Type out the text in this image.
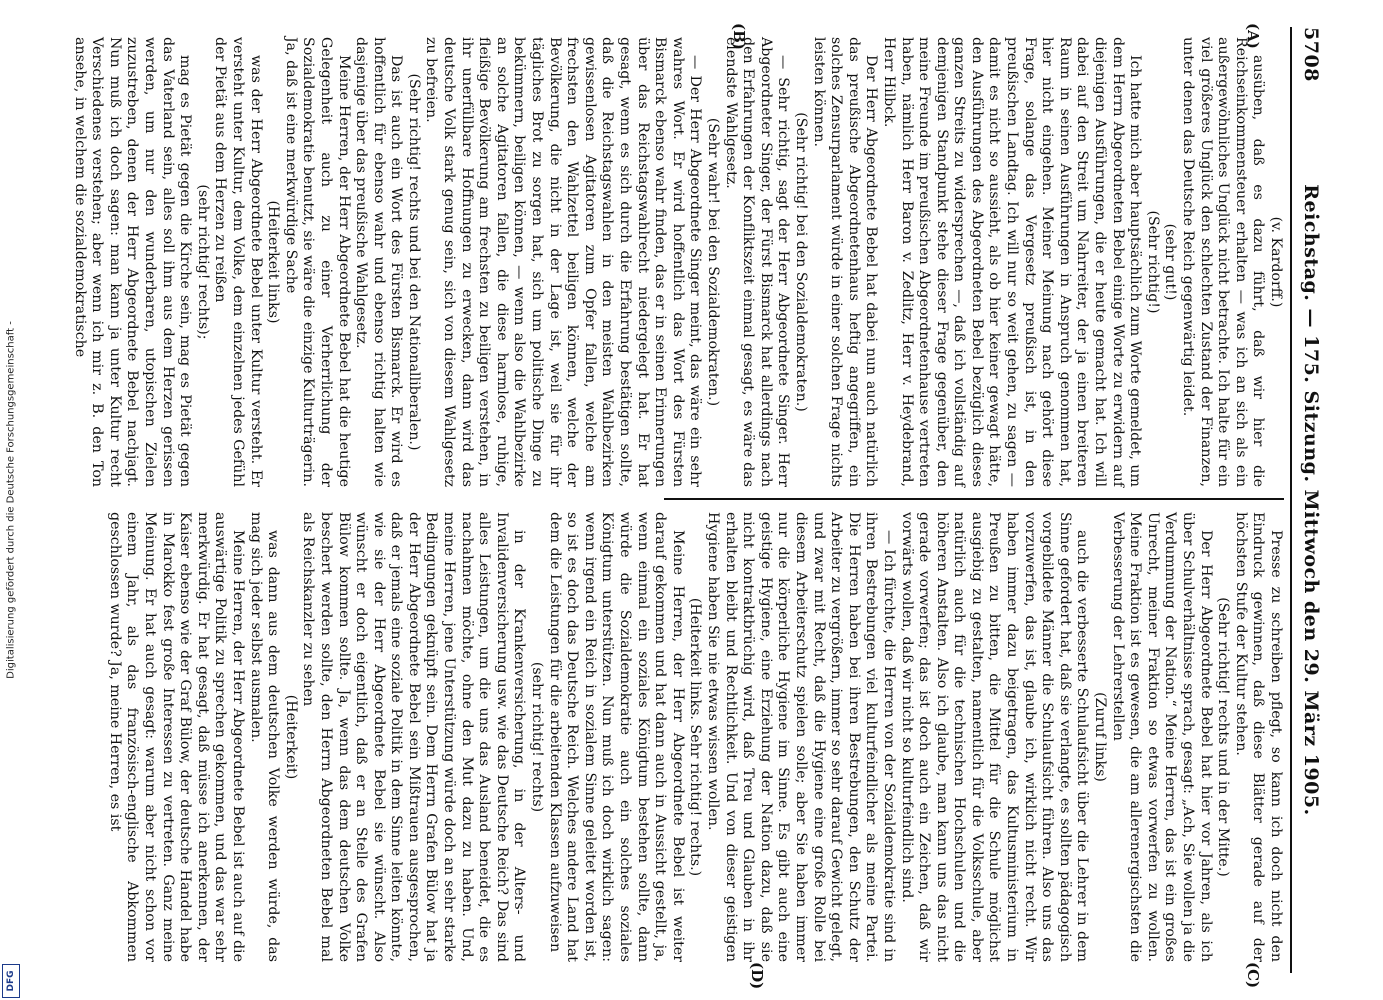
5708
Reichstag. — 175. Sitzung. Mittwoch den 29. März 1905.
(A)
(B)
(C)
(D)

(v. Kardorff.)

ausüben, daß es dazu führt, daß wir hier die Reichseinkommensteuer erhalten — was ich an sich als ein außergewöhnliches Unglück nicht betrachte. Ich halte für ein viel größeres Unglück den schlechten Zustand der Finanzen, unter denen das Deutsche Reich gegenwärtig leidet.

(sehr gut!)

(Sehr richtig!)

Ich hatte mich aber hauptsächlich zum Worte gemeldet, um dem Herrn Abgeordneten Bebel einige Worte zu erwidern auf diejenigen Ausführungen, die er heute gemacht hat. Ich will dabei auf den Streit um Nahrreiter, der ja einen breiteren Raum in seinen Ausführungen in Anspruch genommen hat, hier nicht eingehen. Meiner Meinung nach gehört diese Frage, solange das Vergesetz preußisch ist, in den preußischen Landtag. Ich will nur so weit gehen, zu sagen — damit es nicht so aussieht, als ob hier keiner gewagt hätte, den Ausführungen des Abgeordneten Bebel bezüglich dieses ganzen Streits zu widersprechen —, daß ich vollständig auf demjenigen Standpunkt stehe dieser Frage gegenüber, den meine Freunde im preußischen Abgeordnetenhause vertreten haben, nämlich Herr Baron v. Zedlitz, Herr v. Heydebrand, Herr Hilbck.

Der Herr Abgeordnete Bebel hat dabei nun auch natürlich das preußische Abgeordnetenhaus heftig angegriffen, ein solches Zensurparlament würde in einer solchen Frage nichts leisten können.

(Sehr richtig! bei den Sozialdemokraten.)

— Sehr richtig, sagt der Herr Abgeordnete Singer. Herr Abgeordneter Singer, der Fürst Bismarck hat allerdings nach den Erfahrungen der Konfliktszeit einmal gesagt, es wäre das elendste Wahlgesetz.

(Sehr wahr! bei den Sozialdemokraten.)

— Der Herr Abgeordnete Singer meint, das wäre ein sehr wahres Wort. Er wird hoffentlich das Wort des Fürsten Bismarck ebenso wahr finden, das er in seinen Erinnerungen über das Reichstagswahlrecht niedergelegt hat. Er hat gesagt, wenn es sich durch die Erfahrung bestätigen sollte, daß die Reichstagswahlen in den meisten Wahlbezirken gewissenlosen Agitatoren zum Opfer fallen, welche am frechsten den Wahlzettel beiligen können, welche der Bevölkerung, die nicht in der Lage ist, weil sie für ihr tägliches Brot zu sorgen hat, sich um politische Dinge zu bekümmern, beiligen können, — wenn also die Wahlbezirke an solche Agitatoren fallen, die diese harmlose, ruhige, fleißige Bevölkerung am frechsten zu beiligen verstehen, in ihr unerfüllbare Hoffnungen zu erwecken, dann wird das deutsche Volk stark genug sein, sich von diesem Wahlgesetz zu befreien.

(Sehr richtig! rechts und bei den Nationalliberalen.)

Das ist auch ein Wort des Fürsten Bismarck. Er wird es hoffentlich für ebenso wahr und ebenso richtig halten wie dasjenige über das preußische Wahlgesetz.

Meine Herren, der Herr Abgeordnete Bebel hat die heutige Gelegenheit auch zu einer Verherrlichung der Sozialdemokratie benutzt, sie wäre die einzige Kulturträgerin. Ja, daß ist eine merkwürdige Sache

(Heiterkeit links)

was der Herr Abgeordnete Bebel unter Kultur versteht. Er versteht unter Kultur, dem Volke, dem einzelnen jedes Gefühl der Pietät aus dem Herzen zu reißen

(sehr richtig! rechts);

mag es Pietät gegen die Kirche sein, mag es Pietät gegen das Vaterland sein, alles soll ihm aus dem Herzen gerissen werden, um nur den wunderbaren, utopischen Zielen zuzustreben, denen der Herr Abgeordnete Bebel nachjagt. Nun muß ich doch sagen: man kann ja unter Kultur recht Verschiedenes verstehen; aber wenn ich mir z. B. den Ton ansehe, in welchem die sozialdemokratische

Presse zu schreiben pflegt, so kann ich doch nicht den Eindruck gewinnen, daß diese Blätter gerade auf der höchsten Stufe der Kultur stehen.

(Sehr richtig! rechts und in der Mitte.)

Der Herr Abgeordnete Bebel hat hier vor Jahren, als ich über Schulverhältnisse sprach, gesagt: „Ach, Sie wollen ja die Verdummung der Nation.“ Meine Herren, das ist ein großes Unrecht, meiner Fraktion so etwas vorwerfen zu wollen. Meine Fraktion ist es gewesen, die am allerenergischsten die Verbesserung der Lehrerstellen

(Zuruf links)

auch die verbesserte Schulaufsicht über die Lehrer in dem Sinne gefordert hat, daß sie verlangte, es sollten pädagogisch vorgebildete Männer die Schulaufsicht führen. Also uns das vorzuwerfen, das ist, glaube ich, wirklich nicht recht. Wir haben immer dazu beigetragen, das Kultusministerium in Preußen zu bitten, die Mittel für die Schule möglichst ausgiebig zu gestalten, namentlich für die Volksschule, aber natürlich auch für die technischen Hochschulen und die höheren Anstalten. Also ich glaube, man kann uns das nicht gerade vorwerfen; das ist doch auch ein Zeichen, daß wir vorwärts wollen, daß wir nicht so kulturfeindlich sind.

— Ich fürchte, die Herren von der Sozialdemokratie sind in ihren Bestrebungen viel kulturfeindlicher als meine Partei. Die Herren haben bei ihren Bestrebungen, den Schutz der Arbeiter zu vergrößern, immer so sehr darauf Gewicht gelegt, und zwar mit Recht, daß die Hygiene eine große Rolle bei diesem Arbeiterschutz spielen solle; aber Sie haben immer nur die körperliche Hygiene im Sinne. Es gibt auch eine geistige Hygiene, eine Erziehung der Nation dazu, daß sie nicht kontraktbrüchig wird, daß Treu und Glauben in ihr erhalten bleibt und Rechtlichkeit. Und von dieser geistigen Hygiene haben Sie nie etwas wissen wollen.

(Heiterkeit links. Sehr richtig! rechts.)

Meine Herren, der Herr Abgeordnete Bebel ist weiter darauf gekommen und hat dann auch in Aussicht gestellt, ja, wenn einmal ein soziales Königtum bestehen sollte, dann würde die Sozialdemokratie auch ein solches soziales Königtum unterstützen. Nun muß ich doch wirklich sagen: wenn irgend ein Reich in sozialem Sinne geleitet worden ist, so ist es doch das Deutsche Reich. Welches andere Land hat dem die Leistungen für die arbeitenden Klassen aufzuweisen

(sehr richtig! rechts)

in der Krankenversicherung, in der Alters- und Invalidenversicherung usw. wie das Deutsche Reich? Das sind alles Leistungen, um die uns das Ausland beneidet, die es nachahmen möchte, ohne den Mut dazu zu haben. Und, meine Herren, jene Unterstützung würde doch an sehr starke Bedingungen geknüpft sein. Dem Herrn Grafen Bülow hat ja der Herr Abgeordnete Bebel sein Mißtrauen ausgesprochen, daß er jemals eine soziale Politik in dem Sinne leiten könnte, wie sie der Herr Abgeordnete Bebel sie wünscht. Also wünscht er doch eigentlich, daß er an Stelle des Grafen Bülow kommen sollte. Ja, wenn das dem deutschen Volke beschert werden sollte, den Herrn Abgeordneten Bebel mal als Reichskanzler zu sehen

(Heiterkeit)

was dann aus dem deutschen Volke werden würde, das mag sich jeder selbst ausmalen.

Meine Herren, der Herr Abgeordnete Bebel ist auch auf die auswärtige Politik zu sprechen gekommen, und das war sehr merkwürdig. Er hat gesagt, daß müsse ich anerkennen, der Kaiser ebenso wie der Graf Bülow, der deutsche Handel habe in Marokko fest große Interessen zu vertreten. Ganz meine Meinung. Er hat auch gesagt: warum aber nicht schon vor einem Jahr, als das französisch-englische Abkommen geschlossen wurde? Ja, meine Herren, es ist

Digitalisierung gefördert durch die Deutsche Forschungsgemeinschaft -
DFG
